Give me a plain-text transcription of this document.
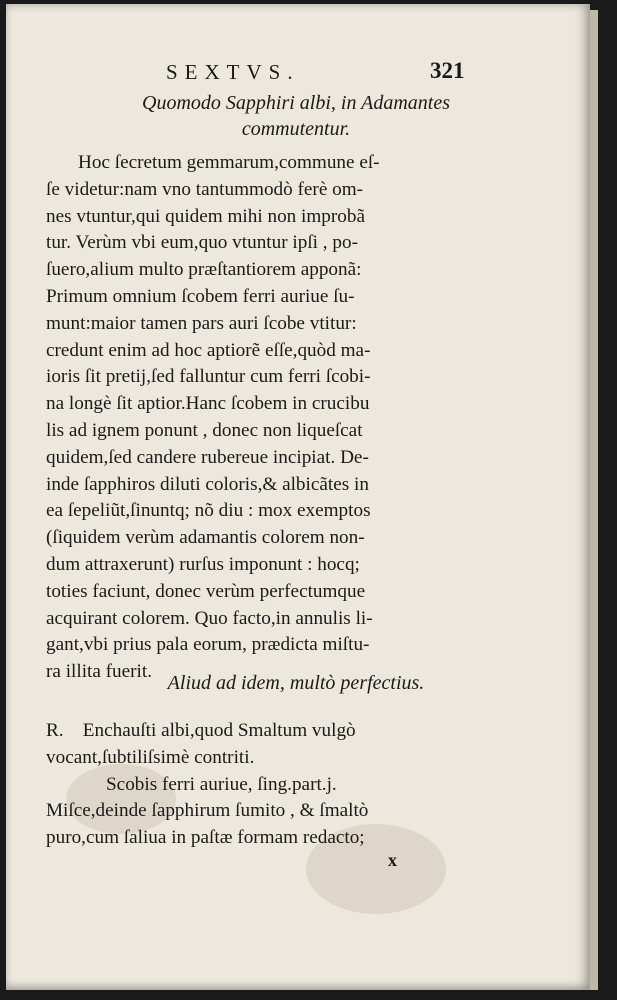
SEXTVS.	321
Quomodo Sapphiri albi, in Adamantes
commutentur.
Hoc ſecretum gemmarum,commune eſ-
ſe videtur:nam vno tantummodò ferè om-
nes vtuntur,qui quidem mihi non improbã
tur. Verùm vbi eum,quo vtuntur ipſi , po-
ſuero,alium multo præſtantiorem apponã:
Primum omnium ſcobem ferri auriue ſu-
munt:maior tamen pars auri ſcobe vtitur:
credunt enim ad hoc aptiorẽ eſſe,quòd ma-
ioris ſit pretij,ſed falluntur cum ferri ſcobi-
na longè ſit aptior.Hanc ſcobem in crucibu
lis ad ignem ponunt , donec non liqueſcat
quidem,ſed candere rubereue incipiat. De-
inde ſapphiros diluti coloris,& albicãtes in
ea ſepeliũt,ſinuntq; nõ diu : mox exemptos
(ſiquidem verùm adamantis colorem non-
dum attraxerunt) rurſus imponunt : hocq;
toties faciunt, donec verùm perfectumque
acquirant colorem. Quo facto,in annulis li-
gant,vbi prius pala eorum, prædicta miſtu-
ra illita fuerit.
Aliud ad idem, multò perfectius.
R.    Enchauſti albi,quod Smaltum vulgò
vocant,ſubtiliſsimè contriti.
Scobis ferri auriue, ſing.part.j.
Miſce,deinde ſapphirum ſumito , & ſmaltò
puro,cum ſaliua in paſtæ formam redacto;
x
